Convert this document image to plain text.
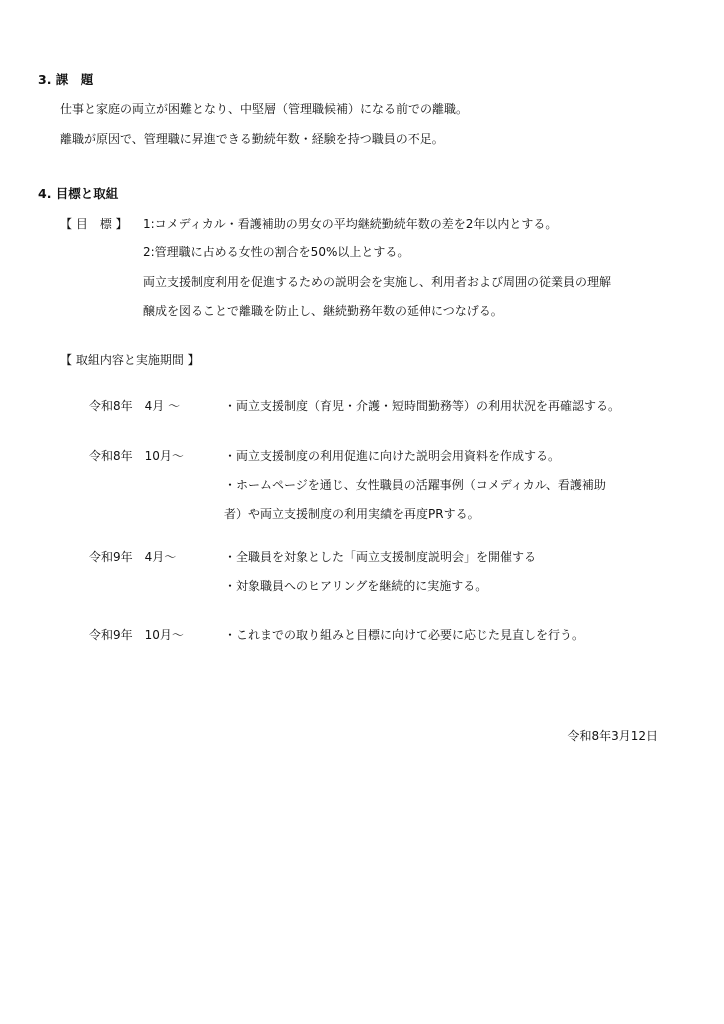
3. 課　題
仕事と家庭の両立が困難となり、中堅層（管理職候補）になる前での離職。
離職が原因で、管理職に昇進できる勤続年数・経験を持つ職員の不足。
4. 目標と取組
【 目　標 】 1:コメディカル・看護補助の男女の平均継続勤続年数の差を2年以内とする。
2:管理職に占める女性の割合を50%以上とする。
両立支援制度利用を促進するための説明会を実施し、利用者および周囲の従業員の理解
醸成を図ることで離職を防止し、継続勤務年数の延伸につなげる。
【 取組内容と実施期間 】
令和8年　4月 ～	・両立支援制度（育児・介護・短時間勤務等）の利用状況を再確認する。
令和8年　10月～	・両立支援制度の利用促進に向けた説明会用資料を作成する。
・ホームページを通じ、女性職員の活躍事例（コメディカル、看護補助
者）や両立支援制度の利用実績を再度PRする。
令和9年　4月～	・全職員を対象とした「両立支援制度説明会」を開催する
・対象職員へのヒアリングを継続的に実施する。
令和9年　10月～	・これまでの取り組みと目標に向けて必要に応じた見直しを行う。
令和8年3月12日
